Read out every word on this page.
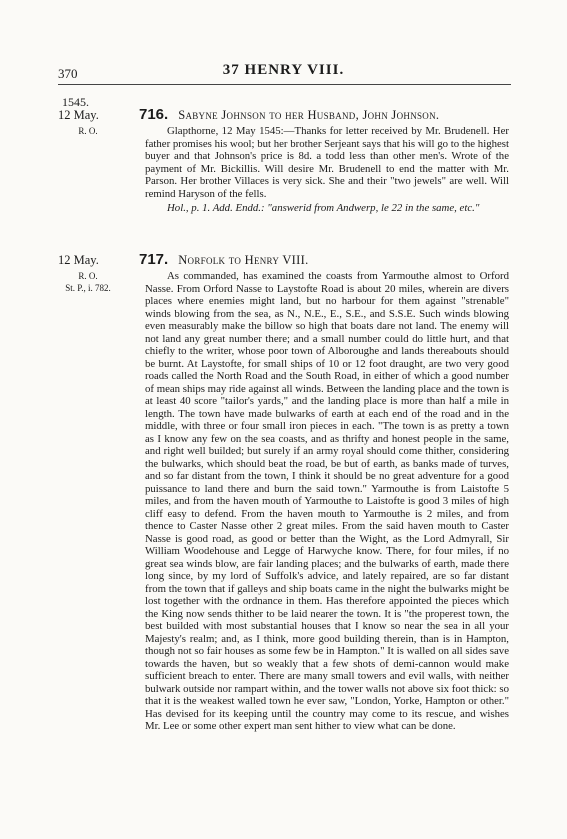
370	37 HENRY VIII.
1545.
12 May.
R. O.
716. Sabyne Johnson to her Husband, John Johnson.
Glapthorne, 12 May 1545:—Thanks for letter received by Mr. Brudenell. Her father promises his wool; but her brother Serjeant says that his will go to the highest buyer and that Johnson's price is 8d. a todd less than other men's. Wrote of the payment of Mr. Bickillis. Will desire Mr. Brudenell to end the matter with Mr. Parson. Her brother Villaces is very sick. She and their "two jewels" are well. Will remind Haryson of the fells.
Hol., p. 1. Add. Endd.: "answerid from Andwerp, le 22 in the same, etc."
12 May.
R. O.
St. P., i. 782.
717. Norfolk to Henry VIII.
As commanded, has examined the coasts from Yarmouthe almost to Orford Nasse. From Orford Nasse to Laystofte Road is about 20 miles, wherein are divers places where enemies might land, but no harbour for them against "strenable" winds blowing from the sea, as N., N.E., E., S.E., and S.S.E. Such winds blowing even measurably make the billow so high that boats dare not land. The enemy will not land any great number there; and a small number could do little hurt, and that chiefly to the writer, whose poor town of Alboroughe and lands thereabouts should be burnt. At Laystofte, for small ships of 10 or 12 foot draught, are two very good roads called the North Road and the South Road, in either of which a good number of mean ships may ride against all winds. Between the landing place and the town is at least 40 score "tailor's yards," and the landing place is more than half a mile in length. The town have made bulwarks of earth at each end of the road and in the middle, with three or four small iron pieces in each. "The town is as pretty a town as I know any few on the sea coasts, and as thrifty and honest people in the same, and right well builded; but surely if an army royal should come thither, considering the bulwarks, which should beat the road, be but of earth, as banks made of turves, and so far distant from the town, I think it should be no great adventure for a good puissance to land there and burn the said town." Yarmouthe is from Laistofte 5 miles, and from the haven mouth of Yarmouthe to Laistofte is good 3 miles of high cliff easy to defend. From the haven mouth to Yarmouthe is 2 miles, and from thence to Caster Nasse other 2 great miles. From the said haven mouth to Caster Nasse is good road, as good or better than the Wight, as the Lord Admyrall, Sir William Woodehouse and Legge of Harwyche know. There, for four miles, if no great sea winds blow, are fair landing places; and the bulwarks of earth, made there long since, by my lord of Suffolk's advice, and lately repaired, are so far distant from the town that if galleys and ship boats came in the night the bulwarks might be lost together with the ordnance in them. Has therefore appointed the pieces which the King now sends thither to be laid nearer the town. It is "the properest town, the best builded with most substantial houses that I know so near the sea in all your Majesty's realm; and, as I think, more good building therein, than is in Hampton, though not so fair houses as some few be in Hampton." It is walled on all sides save towards the haven, but so weakly that a few shots of demi-cannon would make sufficient breach to enter. There are many small towers and evil walls, with neither bulwark outside nor rampart within, and the tower walls not above six foot thick: so that it is the weakest walled town he ever saw, "London, Yorke, Hampton or other." Has devised for its keeping until the country may come to its rescue, and wishes Mr. Lee or some other expert man sent hither to view what can be done.
